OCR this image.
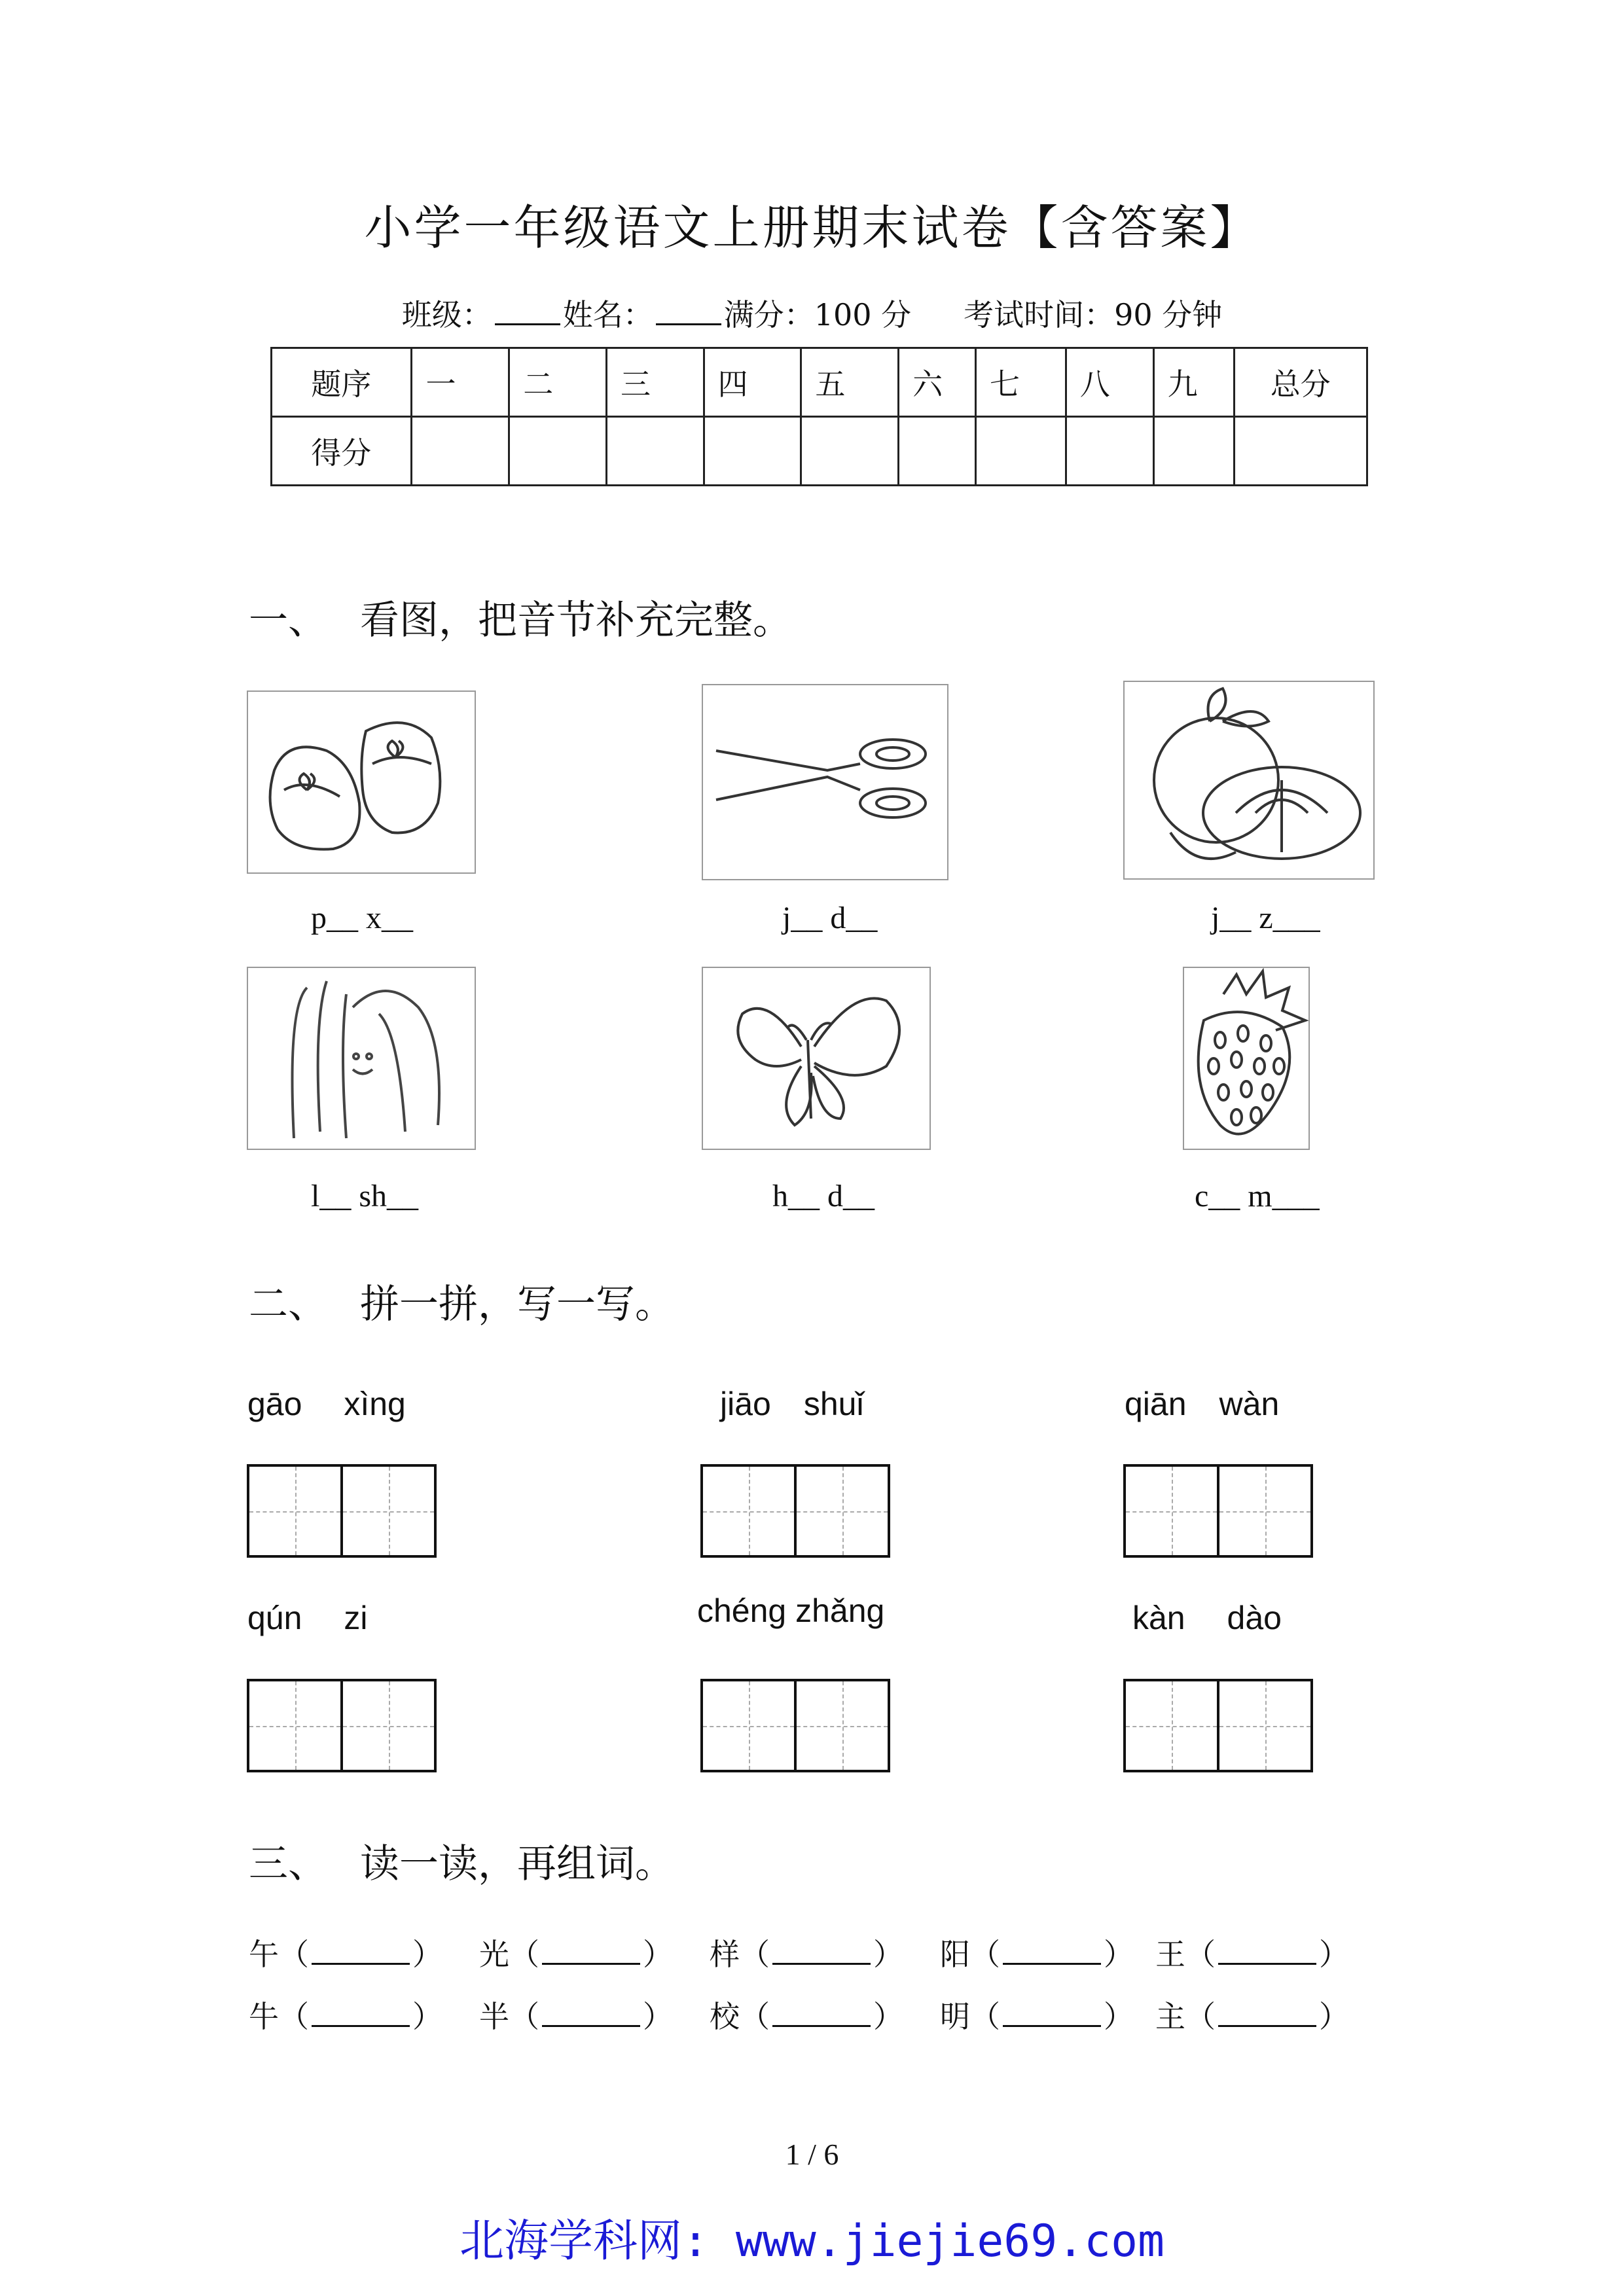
小学一年级语文上册期末试卷【含答案】
班级： 姓名： 满分：100 分 考试时间：90 分钟
题序	一	二	三	四	五	六	七	八	九	总分
得分										
一、 看图，把音节补充完整。
p__ x__	j__ d__	j__ z___
l__ sh__	h__ d__	c__ m___
二、 拼一拼，写一写。
gāo　 xìng	jiāo　shuǐ	qiān　wàn
qún　 zi	chéng zhǎng	kàn　 dào
三、 读一读，再组词。
午（	） 光（	） 样（	） 阳（	） 王（	）
牛（	） 半（	） 校（	） 明（	） 主（	）
1 / 6
北海学科网: www.jiejie69.com
